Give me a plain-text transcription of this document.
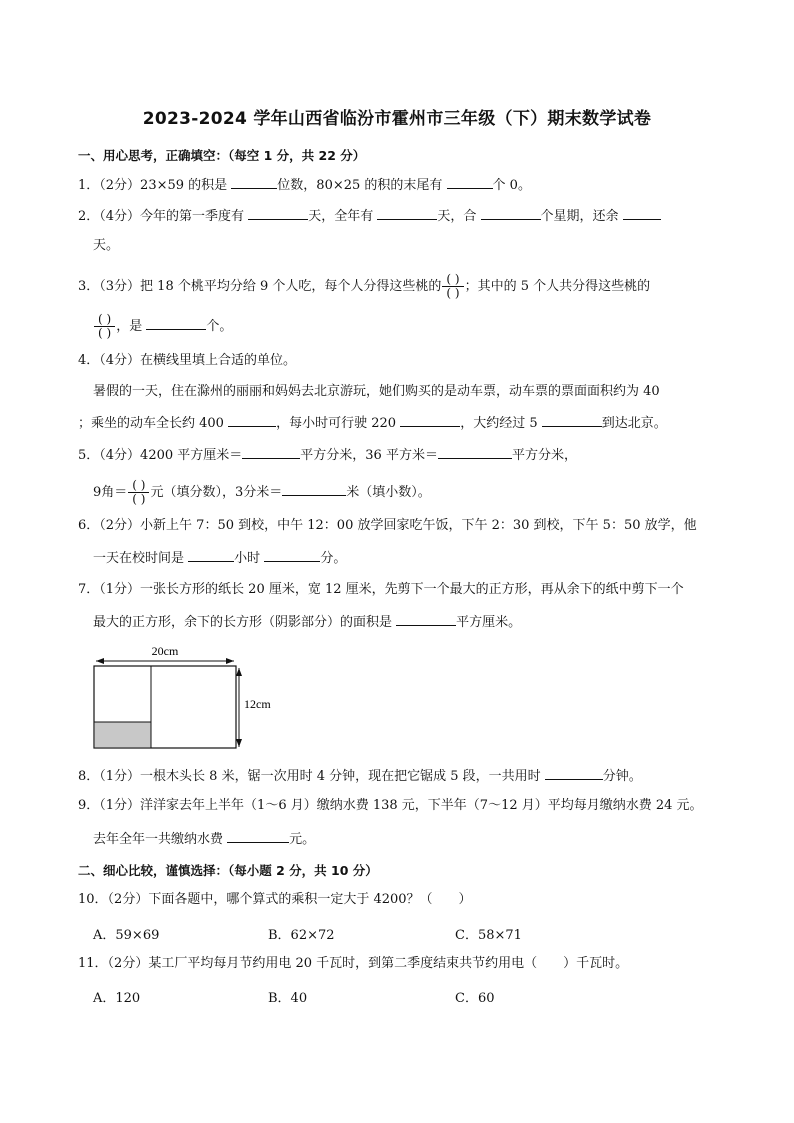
2023-2024 学年山西省临汾市霍州市三年级（下）期末数学试卷
一、用心思考，正确填空：（每空 1 分，共 22 分）
1．（2分）23×59 的积是	位数，80×25 的积的末尾有	个 0。
2．（4分）今年的第一季度有	天，全年有	天，合	个星期，还余
天。
3．（3分）把 18 个桃平均分给 9 个人吃，每个人分得这些桃的 $\frac{( )}{( )}$ ；其中的 5 个人共分得这些桃的
$\frac{( )}{( )}$ ，是	个。
4．（4分）在横线里填上合适的单位。
暑假的一天，住在滁州的丽丽和妈妈去北京游玩，她们购买的是动车票，动车票的票面面积约为 40
；乘坐的动车全长约 400	，每小时可行驶 220	，大约经过 5	到达北京。
5．（4分）4200 平方厘米＝	平方分米，36 平方米＝	平方分米，
9角＝ $\frac{( )}{( )}$ 元（填分数），3分米＝	米（填小数）。
6．（2分）小新上午 7：50 到校，中午 12：00 放学回家吃午饭，下午 2：30 到校，下午 5：50 放学，他
一天在校时间是	小时	分。
7．（1分）一张长方形的纸长 20 厘米，宽 12 厘米，先剪下一个最大的正方形，再从余下的纸中剪下一个
最大的正方形，余下的长方形（阴影部分）的面积是	平方厘米。
20cm
12cm
8．（1分）一根木头长 8 米，锯一次用时 4 分钟，现在把它锯成 5 段，一共用时	分钟。
9．（1分）洋洋家去年上半年（1～6 月）缴纳水费 138 元，下半年（7～12 月）平均每月缴纳水费 24 元。
去年全年一共缴纳水费	元。
二、细心比较，谨慎选择：（每小题 2 分，共 10 分）
10．（2分）下面各题中，哪个算式的乘积一定大于 4200？（　　）
A．59×69	B．62×72	C．58×71
11．（2分）某工厂平均每月节约用电 20 千瓦时，到第二季度结束共节约用电（　　）千瓦时。
A．120	B．40	C．60
